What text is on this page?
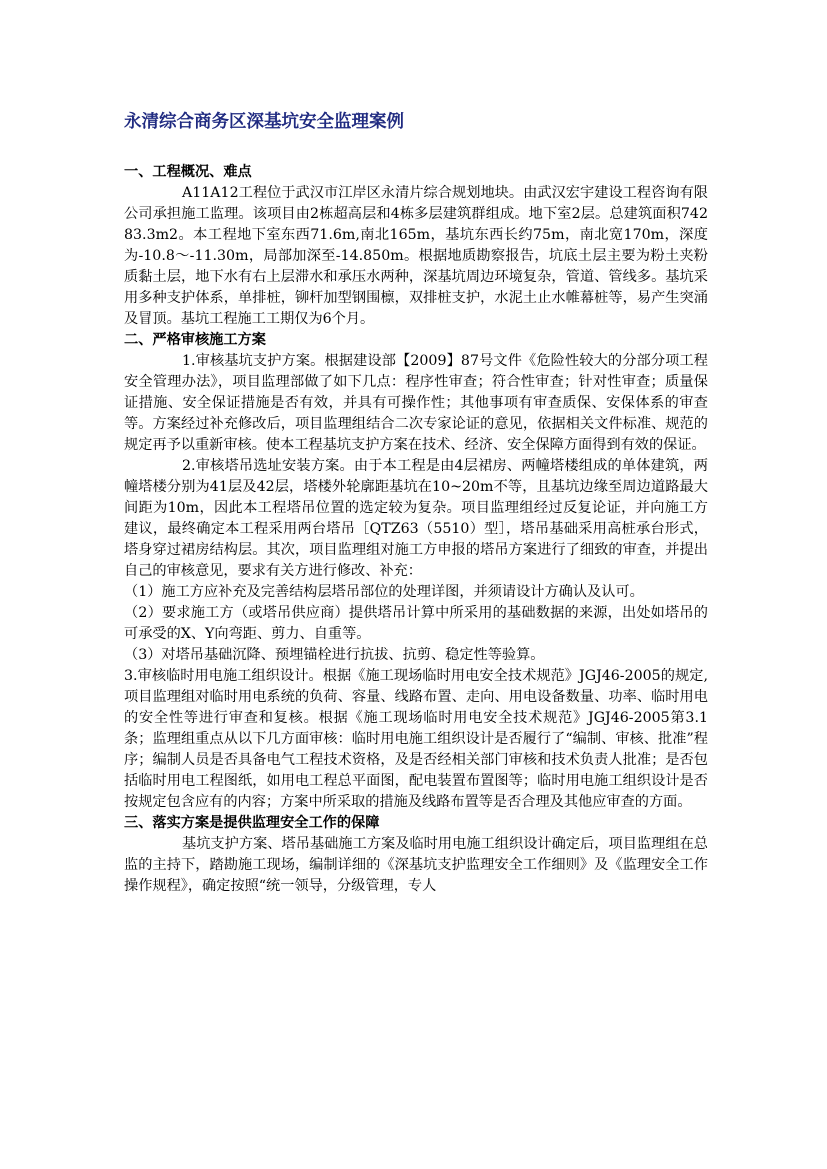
永清综合商务区深基坑安全监理案例

一、工程概况、难点

A11A12工程位于武汉市江岸区永清片综合规划地块。由武汉宏宇建设工程咨询有限公司承担施工监理。该项目由2栋超高层和4栋多层建筑群组成。地下室2层。总建筑面积74283.3m2。本工程地下室东西71.6m,南北165m，基坑东西长约75m，南北宽170m，深度为-10.8～-11.30m，局部加深至-14.850m。根据地质勘察报告，坑底土层主要为粉土夹粉质黏土层，地下水有右上层滞水和承压水两种，深基坑周边环境复杂，管道、管线多。基坑采用多种支护体系，单排桩，铆杆加型钢围檩，双排桩支护，水泥土止水帷幕桩等，易产生突涌及冒顶。基坑工程施工工期仅为6个月。

二、严格审核施工方案

1.审核基坑支护方案。根据建设部【2009】87号文件《危险性较大的分部分项工程安全管理办法》，项目监理部做了如下几点：程序性审查；符合性审查；针对性审查；质量保证措施、安全保证措施是否有效，并具有可操作性；其他事项有审查质保、安保体系的审查等。方案经过补充修改后，项目监理组结合二次专家论证的意见，依据相关文件标准、规范的规定再予以重新审核。使本工程基坑支护方案在技术、经济、安全保障方面得到有效的保证。

2.审核塔吊选址安装方案。由于本工程是由4层裙房、两幢塔楼组成的单体建筑，两幢塔楼分别为41层及42层，塔楼外轮廓距基坑在10~20m不等，且基坑边缘至周边道路最大间距为10m，因此本工程塔吊位置的选定较为复杂。项目监理组经过反复论证，并向施工方建议，最终确定本工程采用两台塔吊［QTZ63（5510）型］，塔吊基础采用高桩承台形式，塔身穿过裙房结构层。其次，项目监理组对施工方申报的塔吊方案进行了细致的审查，并提出自己的审核意见，要求有关方进行修改、补充：

（1）施工方应补充及完善结构层塔吊部位的处理详图，并须请设计方确认及认可。

（2）要求施工方（或塔吊供应商）提供塔吊计算中所采用的基础数据的来源，出处如塔吊的可承受的X、Y向弯距、剪力、自重等。

（3）对塔吊基础沉降、预埋锚栓进行抗拔、抗剪、稳定性等验算。

3.审核临时用电施工组织设计。根据《施工现场临时用电安全技术规范》JGJ46-2005的规定,项目监理组对临时用电系统的负荷、容量、线路布置、走向、用电设备数量、功率、临时用电的安全性等进行审查和复核。根据《施工现场临时用电安全技术规范》JGJ46-2005第3.1条；监理组重点从以下几方面审核：临时用电施工组织设计是否履行了“编制、审核、批准”程序；编制人员是否具备电气工程技术资格，及是否经相关部门审核和技术负责人批准；是否包括临时用电工程图纸，如用电工程总平面图，配电装置布置图等；临时用电施工组织设计是否按规定包含应有的内容；方案中所采取的措施及线路布置等是否合理及其他应审查的方面。

三、落实方案是提供监理安全工作的保障

基坑支护方案、塔吊基础施工方案及临时用电施工组织设计确定后，项目监理组在总监的主持下，踏勘施工现场，编制详细的《深基坑支护监理安全工作细则》及《监理安全工作操作规程》，确定按照“统一领导，分级管理，专人
